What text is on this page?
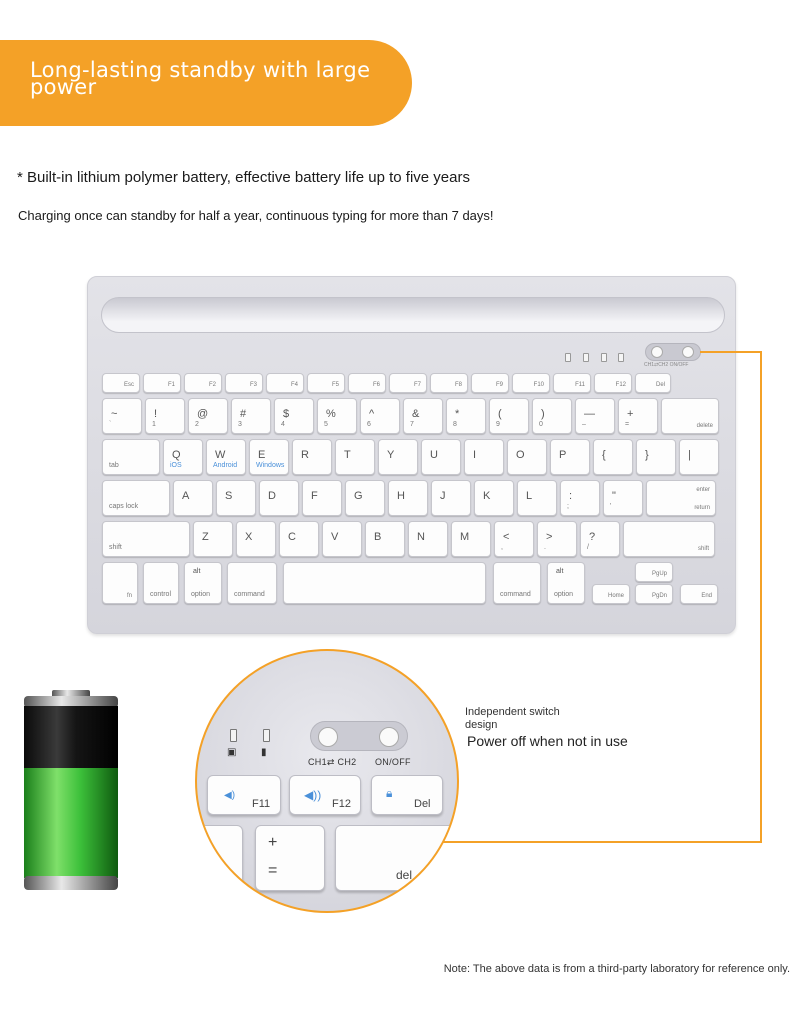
Long-lasting standby with large power
* Built-in lithium polymer battery, effective battery life up to five years
Charging once can standby for half a year, continuous typing for more than 7 days!
CH1⇄CH2 ON/OFF
Esc	F1	F2	F3	F4	F5	F6	F7	F8	F9	F10	F11	F12	Del
~
`
!
1
@
2
#
3
$
4
%
5
^
6
&
7
*
8
(
9
)
0
—
–
+
=	delete
tab
Q
iOS
W
Android
E
Windows
R	T	Y	U	I	O	P	{	}	|
caps lock
A	S	D	F	G	H	J	K	L	:
;
"
'
enter
return
shift
Z	X	C	V	B	N	M	<
,
>
.
?
/	shift
fn	control	option
alt
command	command	option
alt	PgUp
Home	PgDn	End
▣ ▮
CH1⇄ CH2 ON/OFF
◀)
F11
◀))
F12
🔒︎
Del
+
=	del
Independent switch design
Power off when not in use
Note: The above data is from a third-party laboratory for reference only.
